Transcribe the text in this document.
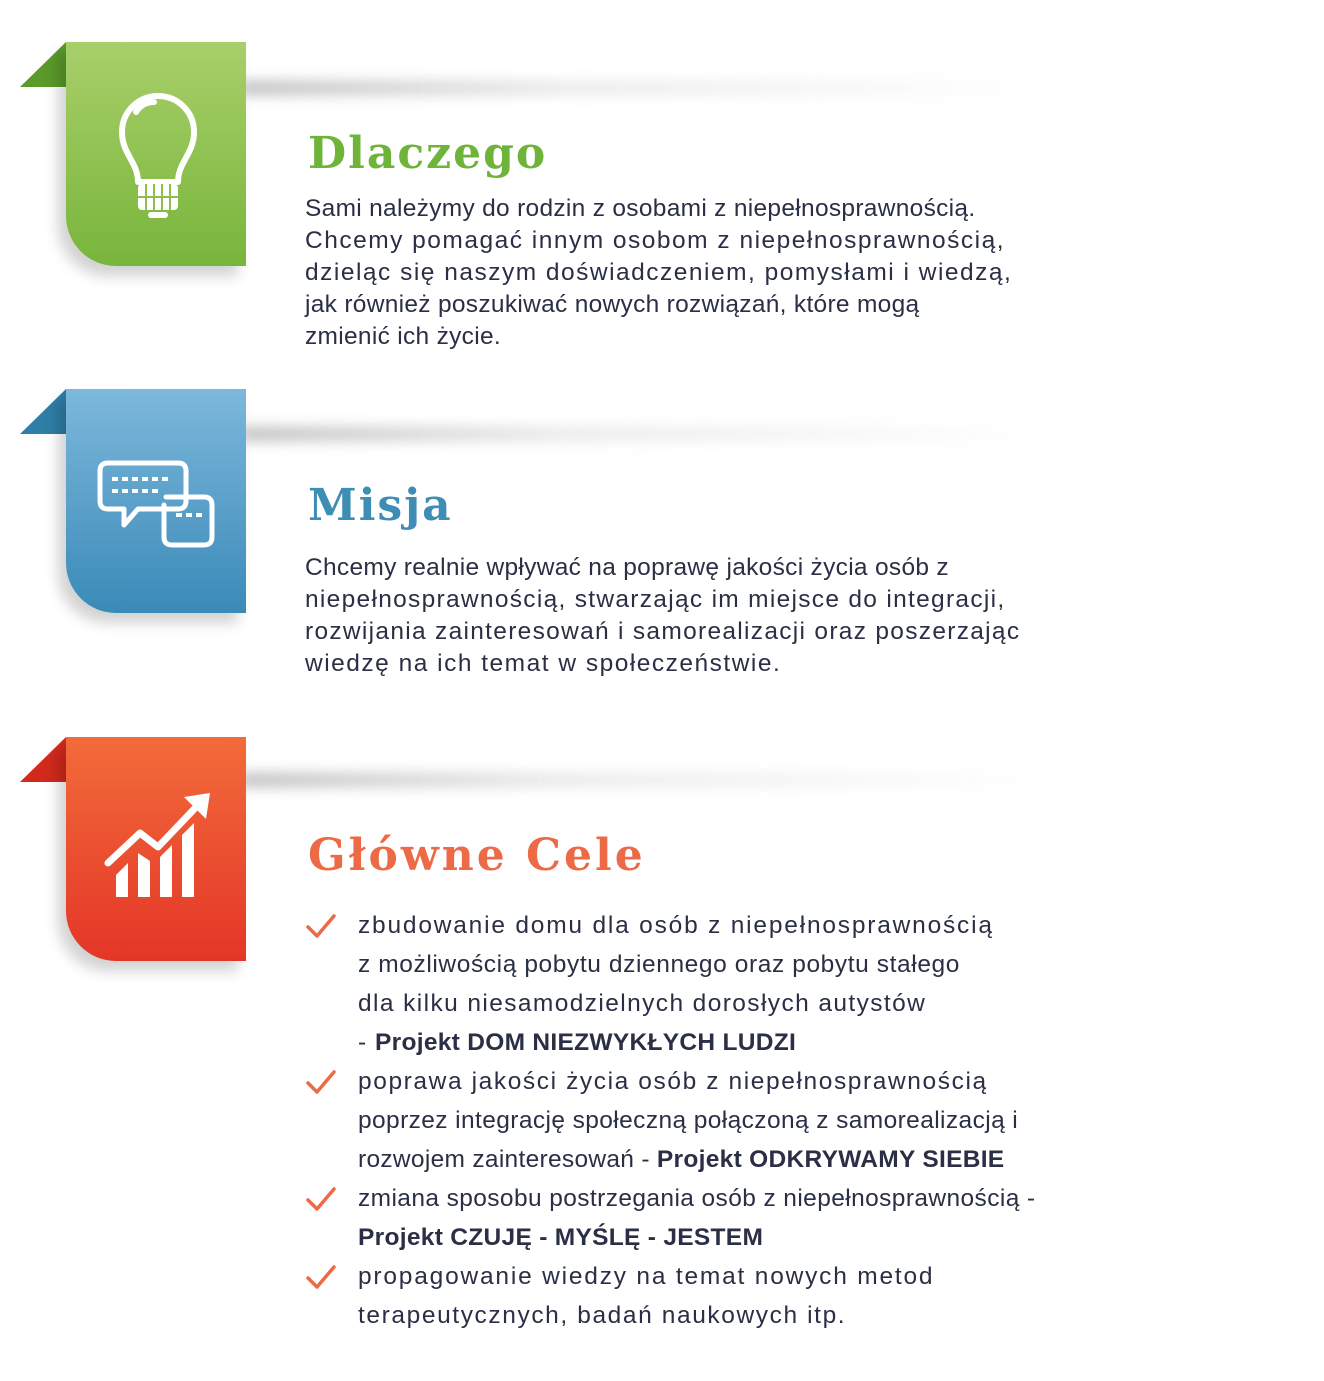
Dlaczego
Sami należymy do rodzin z osobami z niepełnosprawnością.
Chcemy pomagać innym osobom z niepełnosprawnością,
dzieląc się naszym doświadczeniem, pomysłami i wiedzą,
jak również poszukiwać nowych rozwiązań, które mogą
zmienić ich życie.
Misja
Chcemy realnie wpływać na poprawę jakości życia osób z
niepełnosprawnością, stwarzając im miejsce do integracji,
rozwijania zainteresowań i samorealizacji oraz poszerzając
wiedzę na ich temat w społeczeństwie.
Główne Cele
zbudowanie domu dla osób z niepełnosprawnością
z możliwością pobytu dziennego oraz pobytu stałego
dla kilku niesamodzielnych dorosłych autystów
- Projekt DOM NIEZWYKŁYCH LUDZI
poprawa jakości życia osób z niepełnosprawnością
poprzez integrację społeczną połączoną z samorealizacją i
rozwojem zainteresowań - Projekt ODKRYWAMY SIEBIE
zmiana sposobu postrzegania osób z niepełnosprawnością -
Projekt CZUJĘ - MYŚLĘ - JESTEM
propagowanie wiedzy na temat nowych metod
terapeutycznych, badań naukowych itp.
